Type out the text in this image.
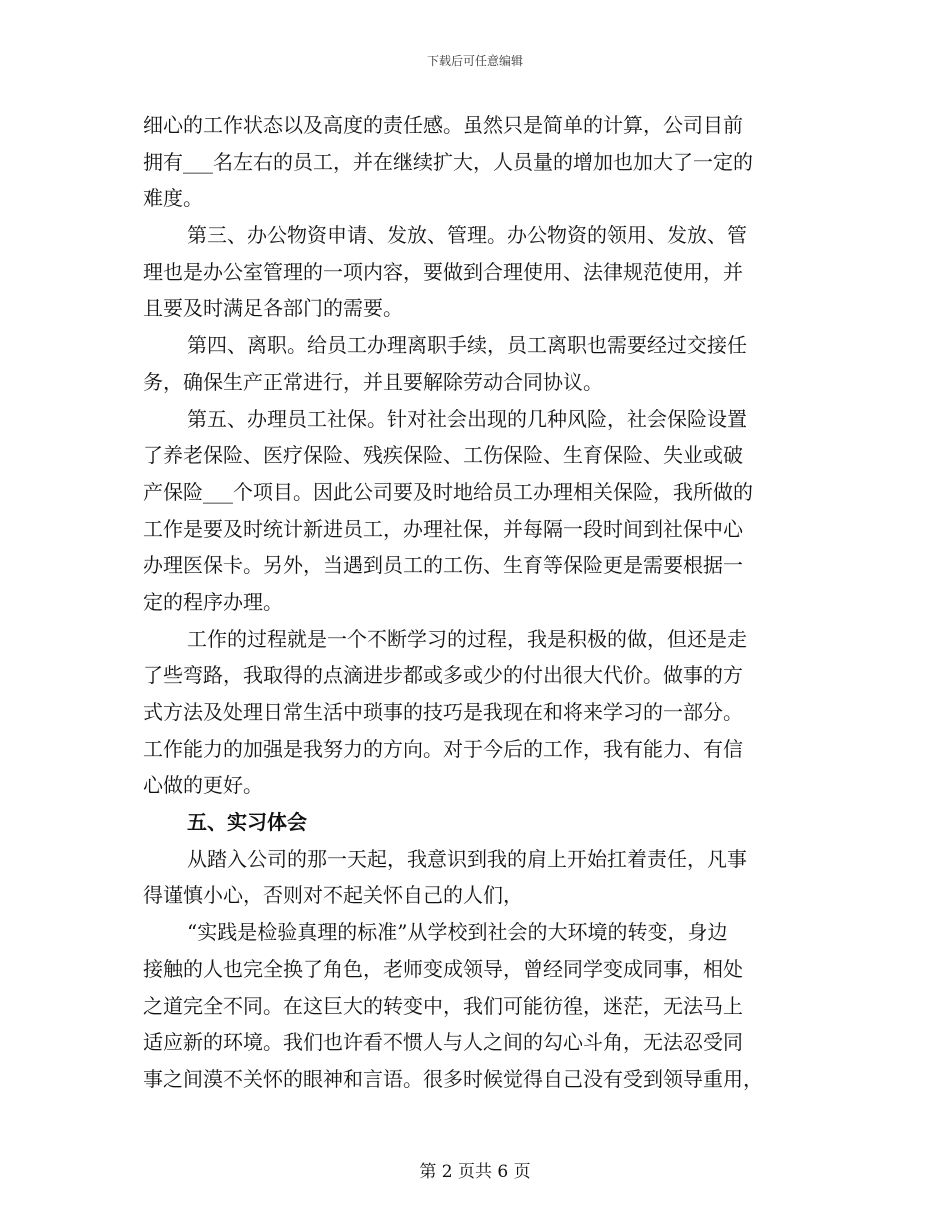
下载后可任意编辑
细心的工作状态以及高度的责任感。虽然只是简单的计算，公司目前
拥有___名左右的员工，并在继续扩大，人员量的增加也加大了一定的
难度。
第三、办公物资申请、发放、管理。办公物资的领用、发放、管
理也是办公室管理的一项内容，要做到合理使用、法律规范使用，并
且要及时满足各部门的需要。
第四、离职。给员工办理离职手续，员工离职也需要经过交接任
务，确保生产正常进行，并且要解除劳动合同协议。
第五、办理员工社保。针对社会出现的几种风险，社会保险设置
了养老保险、医疗保险、残疾保险、工伤保险、生育保险、失业或破
产保险___个项目。因此公司要及时地给员工办理相关保险，我所做的
工作是要及时统计新进员工，办理社保，并每隔一段时间到社保中心
办理医保卡。另外，当遇到员工的工伤、生育等保险更是需要根据一
定的程序办理。
工作的过程就是一个不断学习的过程，我是积极的做，但还是走
了些弯路，我取得的点滴进步都或多或少的付出很大代价。做事的方
式方法及处理日常生活中琐事的技巧是我现在和将来学习的一部分。
工作能力的加强是我努力的方向。对于今后的工作，我有能力、有信
心做的更好。
五、实习体会
从踏入公司的那一天起，我意识到我的肩上开始扛着责任，凡事
得谨慎小心，否则对不起关怀自己的人们，
“实践是检验真理的标准”从学校到社会的大环境的转变，身边
接触的人也完全换了角色，老师变成领导，曾经同学变成同事，相处
之道完全不同。在这巨大的转变中，我们可能彷徨，迷茫，无法马上
适应新的环境。我们也许看不惯人与人之间的勾心斗角，无法忍受同
事之间漠不关怀的眼神和言语。很多时候觉得自己没有受到领导重用，
第 2 页共 6 页
